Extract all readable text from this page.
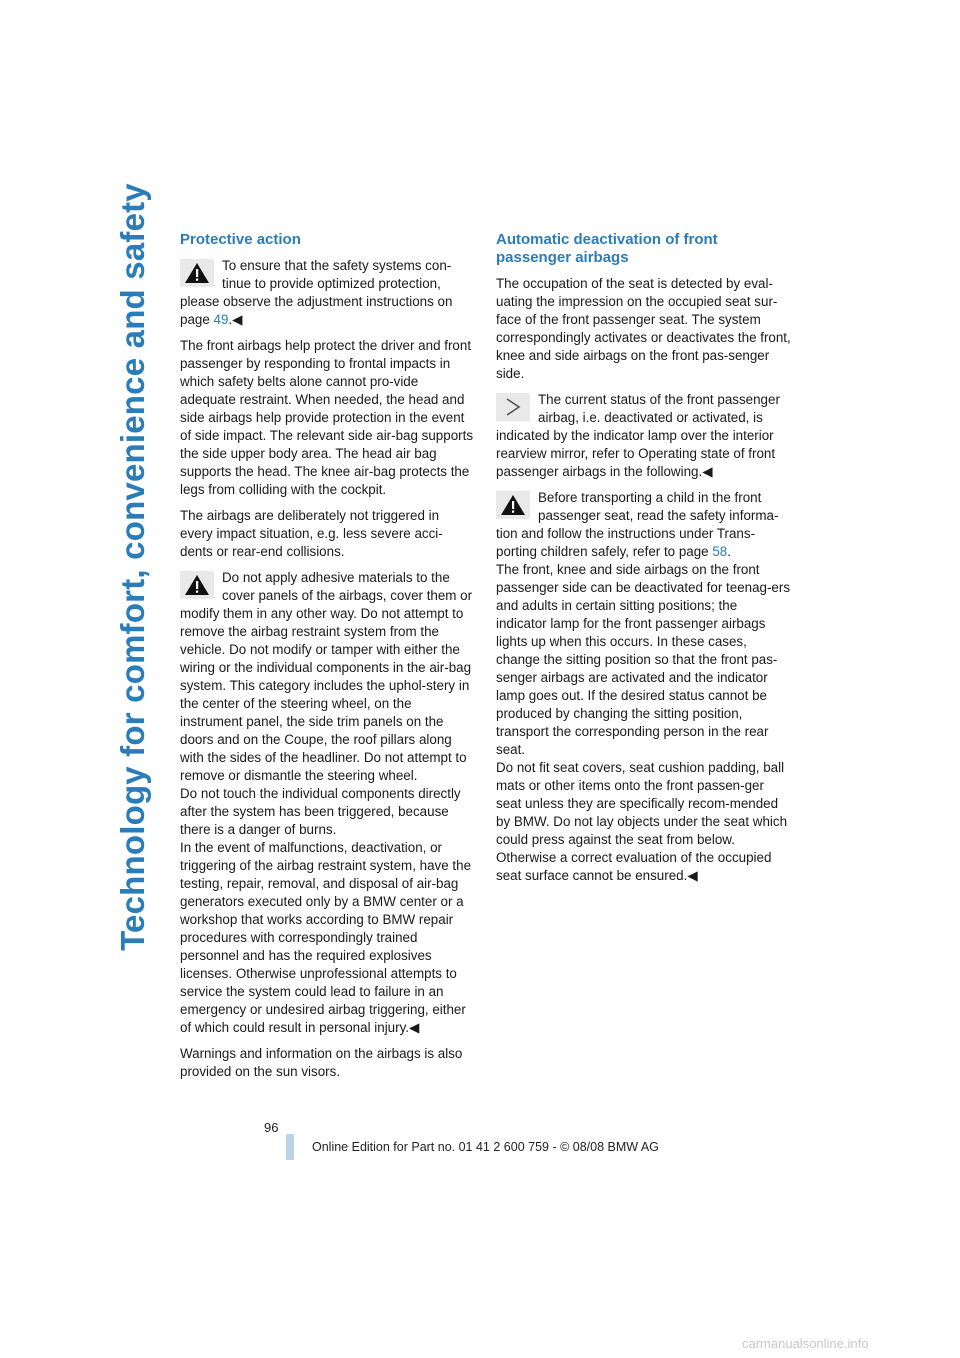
Technology for comfort, convenience and safety Protective action

To ensure that the safety systems con-tinue to provide optimized protection, please observe the adjustment instructions on page 49.◀

The front airbags help protect the driver and front passenger by responding to frontal impacts in which safety belts alone cannot pro-vide adequate restraint. When needed, the head and side airbags help provide protection in the event of side impact. The relevant side air-bag supports the side upper body area. The head air bag supports the head. The knee air-bag protects the legs from colliding with the cockpit.

The airbags are deliberately not triggered in every impact situation, e.g. less severe acci-dents or rear-end collisions.

Do not apply adhesive materials to the cover panels of the airbags, cover them or modify them in any other way. Do not attempt to remove the airbag restraint system from the vehicle. Do not modify or tamper with either the wiring or the individual components in the air-bag system. This category includes the uphol-stery in the center of the steering wheel, on the instrument panel, the side trim panels on the doors and on the Coupe, the roof pillars along with the sides of the headliner. Do not attempt to remove or dismantle the steering wheel.

Do not touch the individual components directly after the system has been triggered, because there is a danger of burns.

In the event of malfunctions, deactivation, or triggering of the airbag restraint system, have the testing, repair, removal, and disposal of air-bag generators executed only by a BMW center or a workshop that works according to BMW repair procedures with correspondingly trained personnel and has the required explosives licenses. Otherwise unprofessional attempts to service the system could lead to failure in an emergency or undesired airbag triggering, either of which could result in personal injury.◀

Warnings and information on the airbags is also provided on the sun visors.

Automatic deactivation of front passenger airbags

The occupation of the seat is detected by eval-uating the impression on the occupied seat sur-face of the front passenger seat. The system correspondingly activates or deactivates the front, knee and side airbags on the front pas-senger side.

The current status of the front passenger airbag, i.e. deactivated or activated, is indicated by the indicator lamp over the interior rearview mirror, refer to Operating state of front passenger airbags in the following.◀

Before transporting a child in the front passenger seat, read the safety informa-tion and follow the instructions under Trans-porting children safely, refer to page 58.

The front, knee and side airbags on the front passenger side can be deactivated for teenag-ers and adults in certain sitting positions; the indicator lamp for the front passenger airbags lights up when this occurs. In these cases, change the sitting position so that the front pas-senger airbags are activated and the indicator lamp goes out. If the desired status cannot be produced by changing the sitting position, transport the corresponding person in the rear seat.

Do not fit seat covers, seat cushion padding, ball mats or other items onto the front passen-ger seat unless they are specifically recom-mended by BMW. Do not lay objects under the seat which could press against the seat from below. Otherwise a correct evaluation of the occupied seat surface cannot be ensured.◀

96
Online Edition for Part no. 01 41 2 600 759 - © 08/08 BMW AG
carmanualsonline.info
